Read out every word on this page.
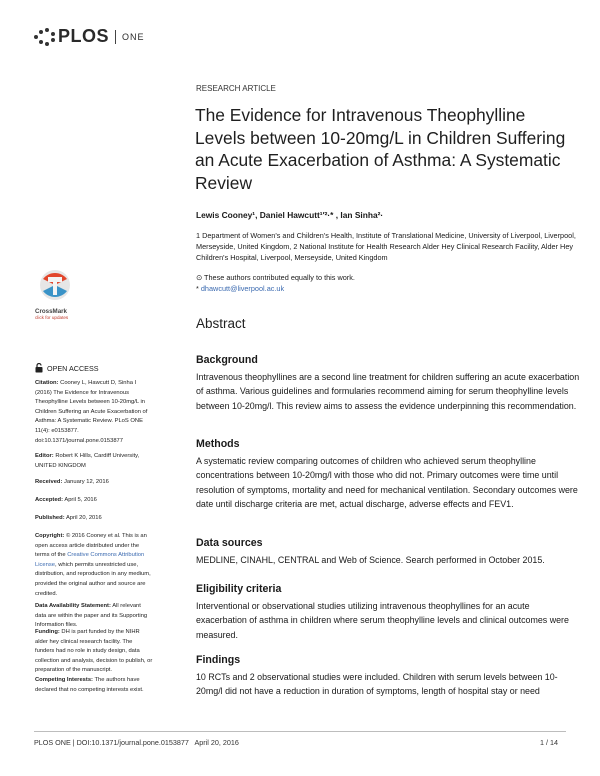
PLOS ONE
RESEARCH ARTICLE
The Evidence for Intravenous Theophylline Levels between 10-20mg/L in Children Suffering an Acute Exacerbation of Asthma: A Systematic Review
Lewis Cooney¹, Daniel Hawcutt¹′²·* , Ian Sinha²·
1 Department of Women's and Children's Health, Institute of Translational Medicine, University of Liverpool, Liverpool, Merseyside, United Kingdom, 2 National Institute for Health Research Alder Hey Clinical Research Facility, Alder Hey Children's Hospital, Liverpool, Merseyside, United Kingdom
⊙ These authors contributed equally to this work.
* dhawcutt@liverpool.ac.uk
Abstract
Background
Intravenous theophyllines are a second line treatment for children suffering an acute exacerbation of asthma. Various guidelines and formularies recommend aiming for serum theophylline levels between 10-20mg/l. This review aims to assess the evidence underpinning this recommendation.
Methods
A systematic review comparing outcomes of children who achieved serum theophylline concentrations between 10-20mg/l with those who did not. Primary outcomes were time until resolution of symptoms, mortality and need for mechanical ventilation. Secondary outcomes were date until discharge criteria are met, actual discharge, adverse effects and FEV1.
Data sources
MEDLINE, CINAHL, CENTRAL and Web of Science. Search performed in October 2015.
Eligibility criteria
Interventional or observational studies utilizing intravenous theophyllines for an acute exacerbation of asthma in children where serum theophylline levels and clinical outcomes were measured.
Findings
10 RCTs and 2 observational studies were included. Children with serum levels between 10-20mg/l did not have a reduction in duration of symptoms, length of hospital stay or need
CrossMark
click for updates
OPEN ACCESS
Citation: Cooney L, Hawcutt D, Sinha I (2016) The Evidence for Intravenous Theophylline Levels between 10-20mg/L in Children Suffering an Acute Exacerbation of Asthma: A Systematic Review. PLoS ONE 11(4): e0153877. doi:10.1371/journal.pone.0153877
Editor: Robert K Hills, Cardiff University, UNITED KINGDOM
Received: January 12, 2016
Accepted: April 5, 2016
Published: April 20, 2016
Copyright: © 2016 Cooney et al. This is an open access article distributed under the terms of the Creative Commons Attribution License, which permits unrestricted use, distribution, and reproduction in any medium, provided the original author and source are credited.
Data Availability Statement: All relevant data are within the paper and its Supporting Information files.
Funding: DH is part funded by the NIHR alder hey clinical research facility. The funders had no role in study design, data collection and analysis, decision to publish, or preparation of the manuscript.
Competing Interests: The authors have declared that no competing interests exist.
PLOS ONE | DOI:10.1371/journal.pone.0153877   April 20, 2016	1 / 14
